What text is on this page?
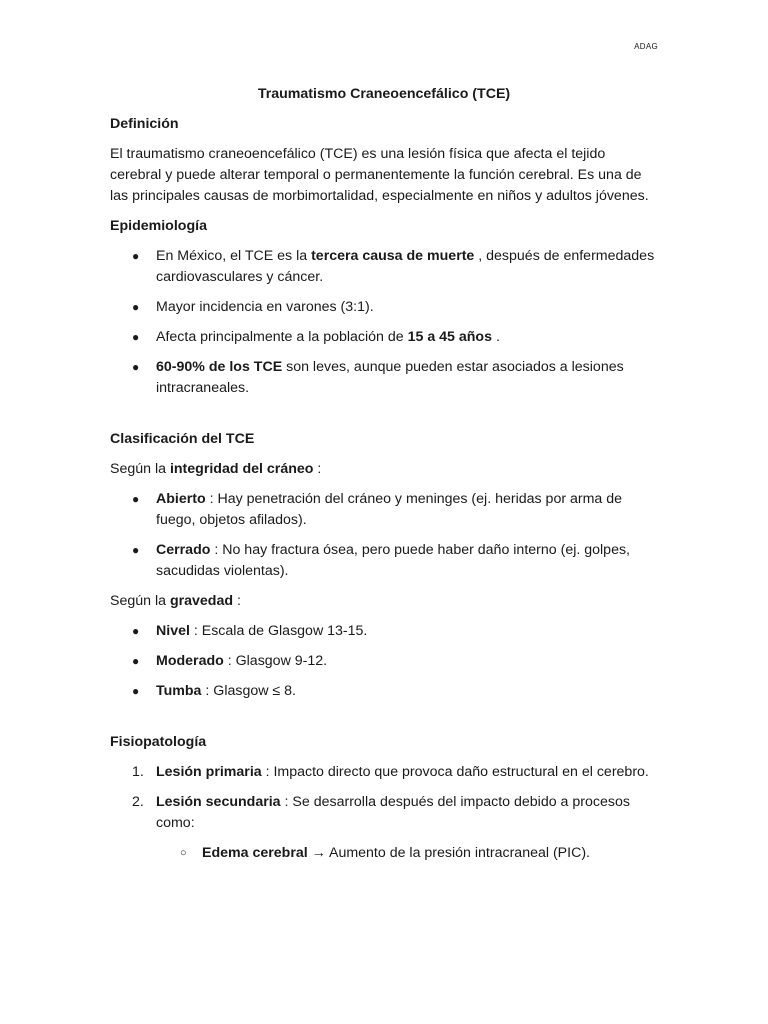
ADAG
Traumatismo Craneoencefálico (TCE)
Definición
El traumatismo craneoencefálico (TCE) es una lesión física que afecta el tejido cerebral y puede alterar temporal o permanentemente la función cerebral. Es una de las principales causas de morbimortalidad, especialmente en niños y adultos jóvenes.
Epidemiología
● En México, el TCE es la tercera causa de muerte , después de enfermedades cardiovasculares y cáncer.
● Mayor incidencia en varones (3:1).
● Afecta principalmente a la población de 15 a 45 años .
● 60-90% de los TCE son leves, aunque pueden estar asociados a lesiones intracraneales.
Clasificación del TCE
Según la integridad del cráneo :
● Abierto : Hay penetración del cráneo y meninges (ej. heridas por arma de fuego, objetos afilados).
● Cerrado : No hay fractura ósea, pero puede haber daño interno (ej. golpes, sacudidas violentas).
Según la gravedad :
● Nivel : Escala de Glasgow 13-15.
● Moderado : Glasgow 9-12.
● Tumba : Glasgow ≤ 8.
Fisiopatología
1. Lesión primaria : Impacto directo que provoca daño estructural en el cerebro.
2. Lesión secundaria : Se desarrolla después del impacto debido a procesos como:
○ Edema cerebral → Aumento de la presión intracraneal (PIC).
